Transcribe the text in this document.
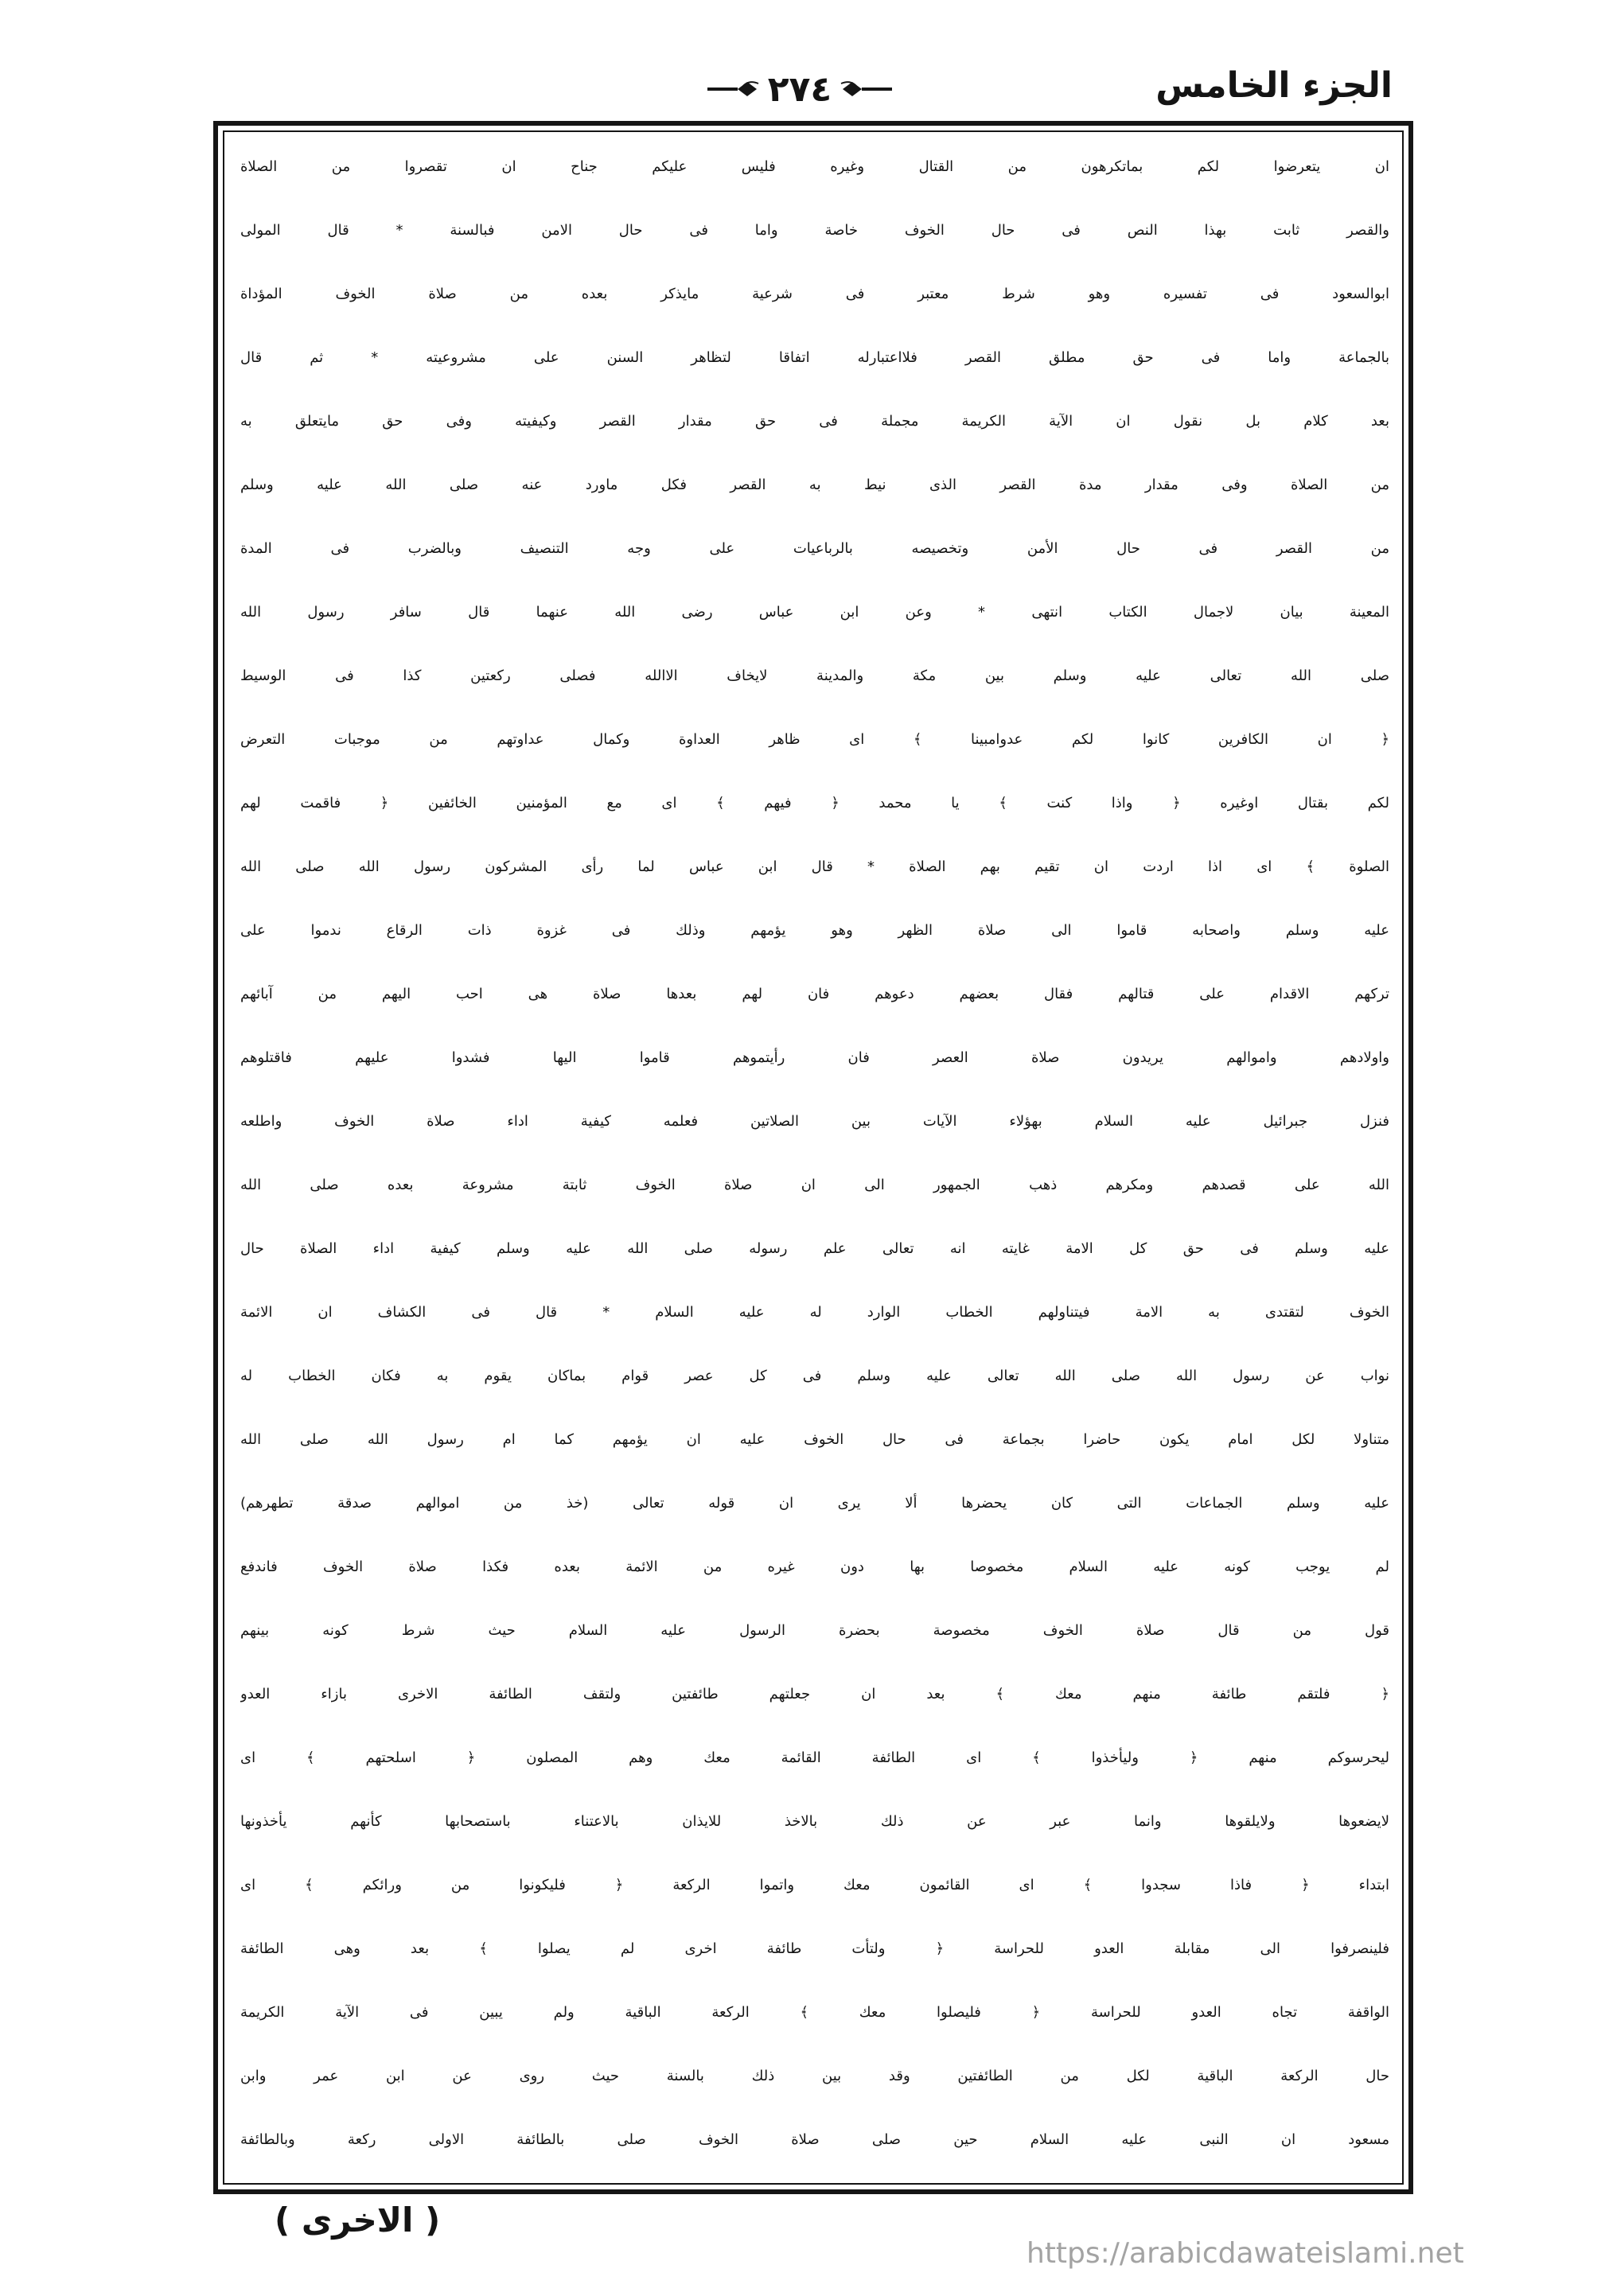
الجزء الخامس
٢٧٤
ان يتعرضوا لكم بماتكرهون من القتال وغيره فليس عليكم جناح ان تقصروا من الصلاة
والقصر ثابت بهذا النص فى حال الخوف خاصة واما فى حال الامن فبالسنة * قال المولى
ابوالسعود فى تفسيره وهو شرط معتبر فى شرعية مايذكر بعده من صلاة الخوف المؤداة
بالجماعة واما فى حق مطلق القصر فلااعتبارله اتفاقا لتظاهر السنن على مشروعيته * ثم قال
بعد كلام بل نقول ان الآية الكريمة مجملة فى حق مقدار القصر وكيفيته وفى حق مايتعلق به
من الصلاة وفى مقدار مدة القصر الذى نيط به القصر فكل ماورد عنه صلى الله عليه وسلم
من القصر فى حال الأمن وتخصيصه بالرباعيات على وجه التنصيف وبالضرب فى المدة
المعينة بيان لاجمال الكتاب انتهى * وعن ابن عباس رضى الله عنهما قال سافر رسول الله
صلى الله تعالى عليه وسلم بين مكة والمدينة لايخاف الاالله فصلى ركعتين كذا فى الوسيط
﴿ ان الكافرين كانوا لكم عدوامبينا ﴾ اى ظاهر العداوة وكمال عداوتهم من موجبات التعرض
لكم بقتال اوغيره ﴿ واذا كنت ﴾ يا محمد ﴿ فيهم ﴾ اى مع المؤمنين الخائفين ﴿ فاقمت لهم
الصلوة ﴾ اى اذا اردت ان تقيم بهم الصلاة * قال ابن عباس لما رأى المشركون رسول الله صلى الله
عليه وسلم واصحابه قاموا الى صلاة الظهر وهو يؤمهم وذلك فى غزوة ذات الرقاع ندموا على
تركهم الاقدام على قتالهم فقال بعضهم دعوهم فان لهم بعدها صلاة هى احب اليهم من آبائهم
واولادهم واموالهم يريدون صلاة العصر فان رأيتموهم قاموا اليها فشدوا عليهم فاقتلوهم
فنزل جبرائيل عليه السلام بهؤلاء الآيات بين الصلاتين فعلمه كيفية اداء صلاة الخوف واطلعه
الله على قصدهم ومكرهم ذهب الجمهور الى ان صلاة الخوف ثابتة مشروعة بعده صلى الله
عليه وسلم فى حق كل الامة غايته انه تعالى علم رسوله صلى الله عليه وسلم كيفية اداء الصلاة حال
الخوف لتقتدى به الامة فيتناولهم الخطاب الوارد له عليه السلام * قال فى الكشاف ان الائمة
نواب عن رسول الله صلى الله تعالى عليه وسلم فى كل عصر قوام بماكان يقوم به فكان الخطاب له
متناولا لكل امام يكون حاضرا بجماعة فى حال الخوف عليه ان يؤمهم كما ام رسول الله صلى الله
عليه وسلم الجماعات التى كان يحضرها ألا يرى ان قوله تعالى (خذ من اموالهم صدقة تطهرهم)
لم يوجب كونه عليه السلام مخصوصا بها دون غيره من الائمة بعده فكذا صلاة الخوف فاندفع
قول من قال صلاة الخوف مخصوصة بحضرة الرسول عليه السلام حيث شرط كونه بينهم
﴿ فلتقم طائفة منهم معك ﴾ بعد ان جعلتهم طائفتين ولتقف الطائفة الاخرى بازاء العدو
ليحرسوكم منهم ﴿ وليأخذوا ﴾ اى الطائفة القائمة معك وهم المصلون ﴿ اسلحتهم ﴾ اى
لايضعوها ولايلقوها وانما عبر عن ذلك بالاخذ للايذان بالاعتناء باستصحابها كأنهم يأخذونها
ابتداء ﴿ فاذا سجدوا ﴾ اى القائمون معك واتموا الركعة ﴿ فليكونوا من ورائكم ﴾ اى
فلينصرفوا الى مقابلة العدو للحراسة ﴿ ولتأت طائفة اخرى لم يصلوا ﴾ بعد وهى الطائفة
الواقفة تجاه العدو للحراسة ﴿ فليصلوا معك ﴾ الركعة الباقية ولم يبين فى الآية الكريمة
حال الركعة الباقية لكل من الطائفتين وقد بين ذلك بالسنة حيث روى عن ابن عمر وابن
مسعود ان النبى عليه السلام حين صلى صلاة الخوف صلى بالطائفة الاولى ركعة وبالطائفة
( الاخرى )
https://arabicdawateislami.net
